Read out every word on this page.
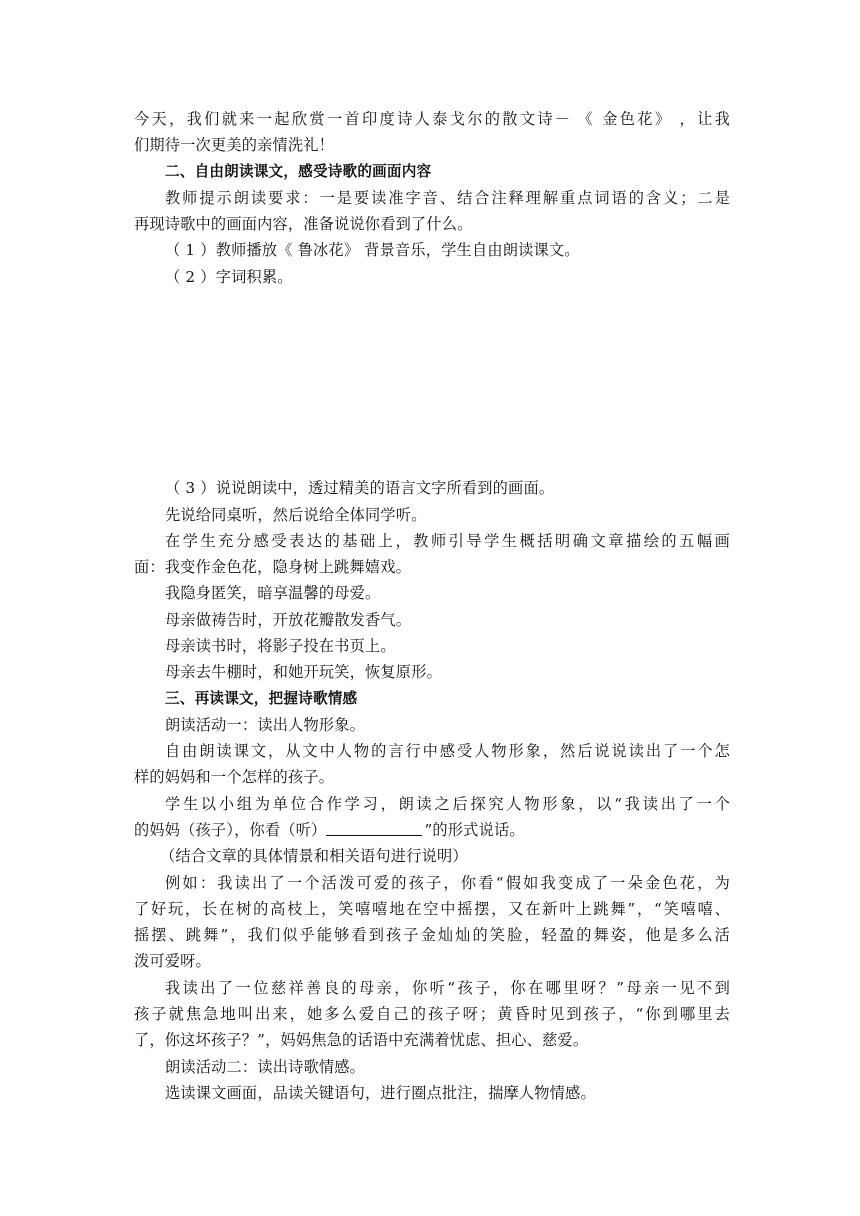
今天，我们就来一起欣赏一首印度诗人泰戈尔的散文诗－ 《 金色花》 ，让我
们期待一次更美的亲情洗礼！
二、自由朗读课文，感受诗歌的画面内容
教师提示朗读要求：一是要读准字音、结合注释理解重点词语的含义；二是
再现诗歌中的画面内容，准备说说你看到了什么。
（ 1 ）教师播放《 鲁冰花》 背景音乐，学生自由朗读课文。
（ 2 ）字词积累。
（ 3 ）说说朗读中，透过精美的语言文字所看到的画面。
先说给同桌听，然后说给全体同学听。
在学生充分感受表达的基础上，教师引导学生概括明确文章描绘的五幅画
面：我变作金色花，隐身树上跳舞嬉戏。
我隐身匿笑，暗享温馨的母爱。
母亲做祷告时，开放花瓣散发香气。
母亲读书时，将影子投在书页上。
母亲去牛棚时，和她开玩笑，恢复原形。
三、再读课文，把握诗歌情感
朗读活动一：读出人物形象。
自由朗读课文，从文中人物的言行中感受人物形象，然后说说读出了一个怎
样的妈妈和一个怎样的孩子。
学生以小组为单位合作学习，朗读之后探究人物形象，以“我读出了一个
的妈妈（孩子），你看（听）	”的形式说话。
（结合文章的具体情景和相关语句进行说明）
例如：我读出了一个活泼可爱的孩子，你看“假如我变成了一朵金色花，为
了好玩，长在树的高枝上，笑嘻嘻地在空中摇摆，又在新叶上跳舞”，“笑嘻嘻、
摇摆、跳舞”，我们似乎能够看到孩子金灿灿的笑脸，轻盈的舞姿，他是多么活
泼可爱呀。
我读出了一位慈祥善良的母亲，你听“孩子，你在哪里呀？”母亲一见不到
孩子就焦急地叫出来，她多么爱自己的孩子呀；黄昏时见到孩子，“你到哪里去
了，你这坏孩子？”，妈妈焦急的话语中充满着忧虑、担心、慈爱。
朗读活动二：读出诗歌情感。
选读课文画面，品读关键语句，进行圈点批注，揣摩人物情感。
